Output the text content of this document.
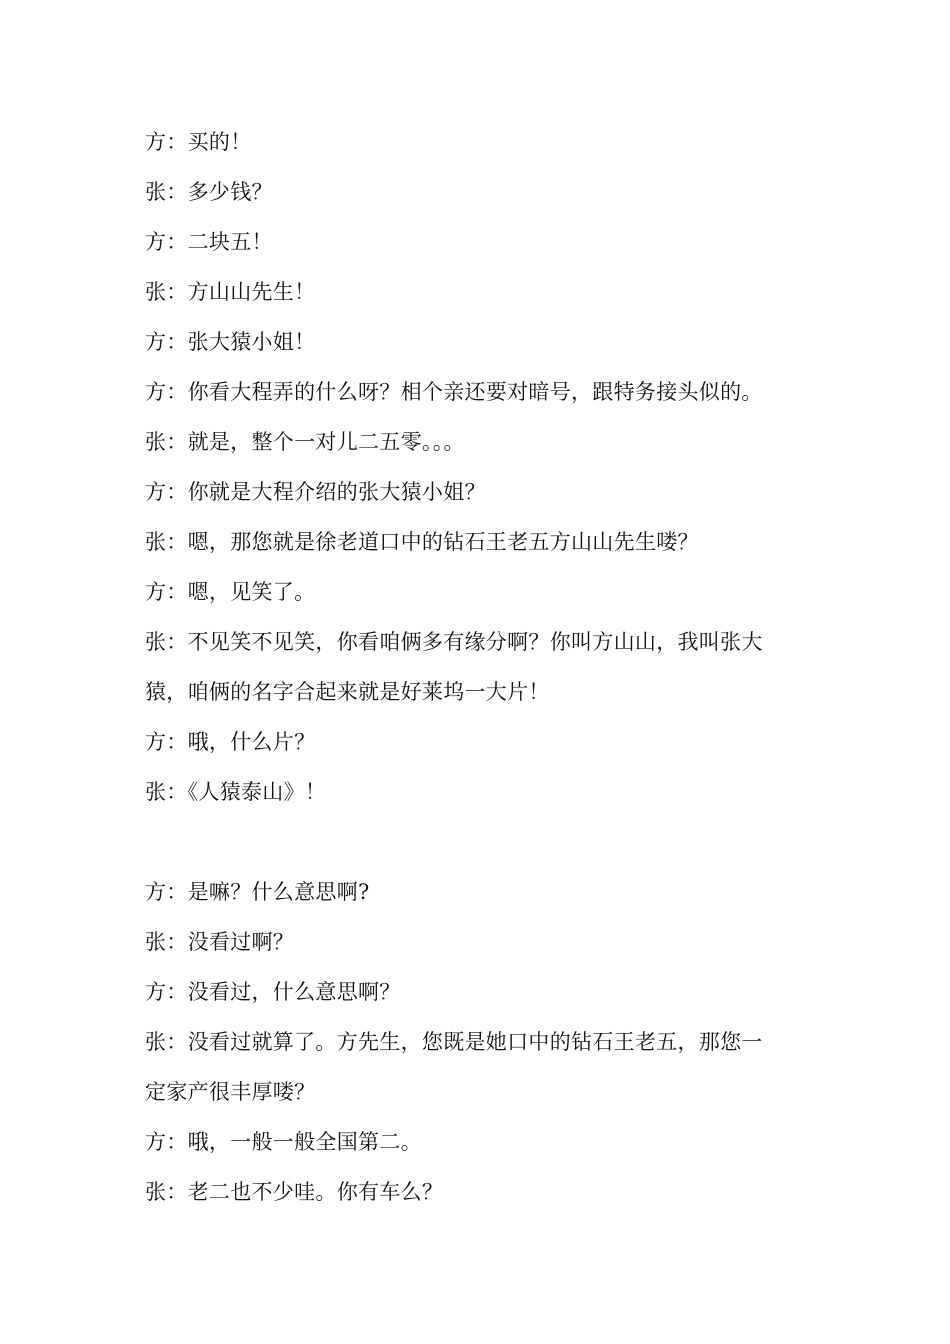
方：买的！
张：多少钱？
方：二块五！
张：方山山先生！
方：张大猿小姐！
方：你看大程弄的什么呀？相个亲还要对暗号，跟特务接头似的。
张：就是，整个一对儿二五零。。。
方：你就是大程介绍的张大猿小姐？
张：嗯，那您就是徐老道口中的钻石王老五方山山先生喽？
方：嗯，见笑了。
张：不见笑不见笑，你看咱俩多有缘分啊？你叫方山山，我叫张大
猿，咱俩的名字合起来就是好莱坞一大片！
方：哦，什么片？
张：《人猿泰山》！
方：是嘛？什么意思啊?
张：没看过啊？
方：没看过，什么意思啊？
张：没看过就算了。方先生，您既是她口中的钻石王老五，那您一
定家产很丰厚喽？
方：哦，一般一般全国第二。
张：老二也不少哇。你有车么？
